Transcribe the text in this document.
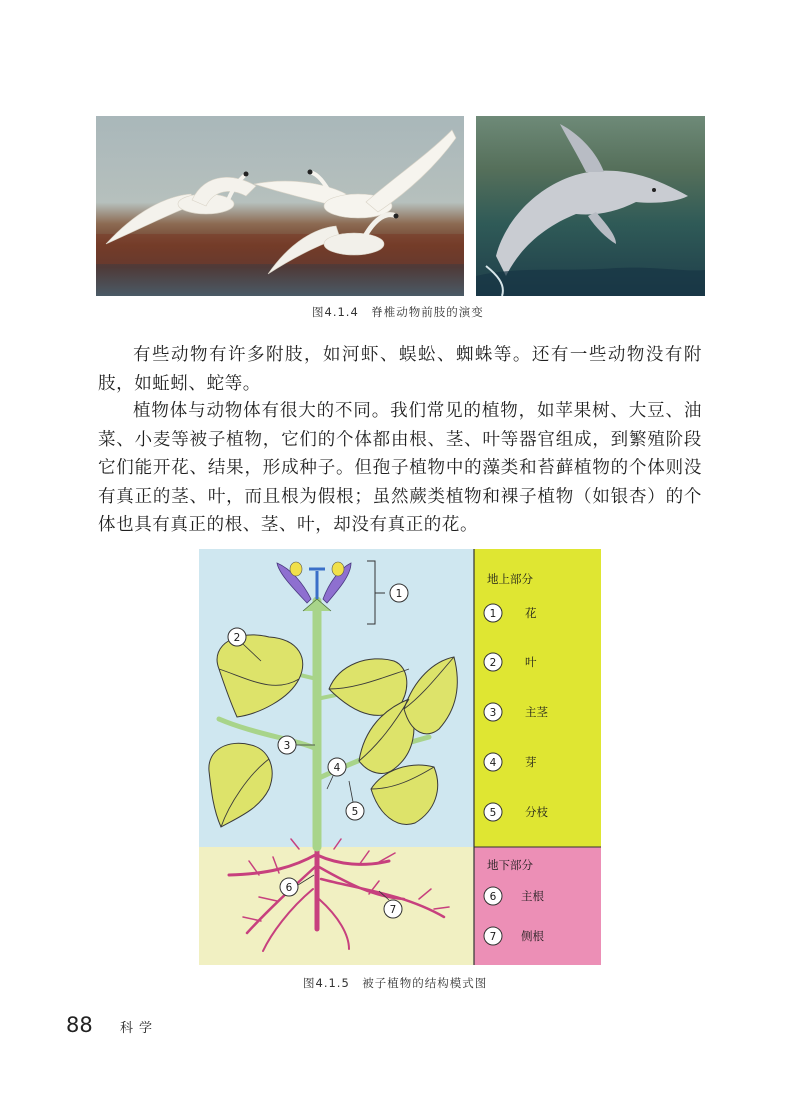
图4.1.4　脊椎动物前肢的演变

有些动物有许多附肢，如河虾、蜈蚣、蜘蛛等。还有一些动物没有附肢，如蚯蚓、蛇等。

植物体与动物体有很大的不同。我们常见的植物，如苹果树、大豆、油菜、小麦等被子植物，它们的个体都由根、茎、叶等器官组成，到繁殖阶段它们能开花、结果，形成种子。但孢子植物中的藻类和苔藓植物的个体则没有真正的茎、叶，而且根为假根；虽然蕨类植物和裸子植物（如银杏）的个体也具有真正的根、茎、叶，却没有真正的花。

1
2
3
4
5
6
7
地上部分
1 花
2 叶
3 主茎
4 芽
5 分枝
地下部分
6 主根
7 侧根
图4.1.5　被子植物的结构模式图
88 科学
